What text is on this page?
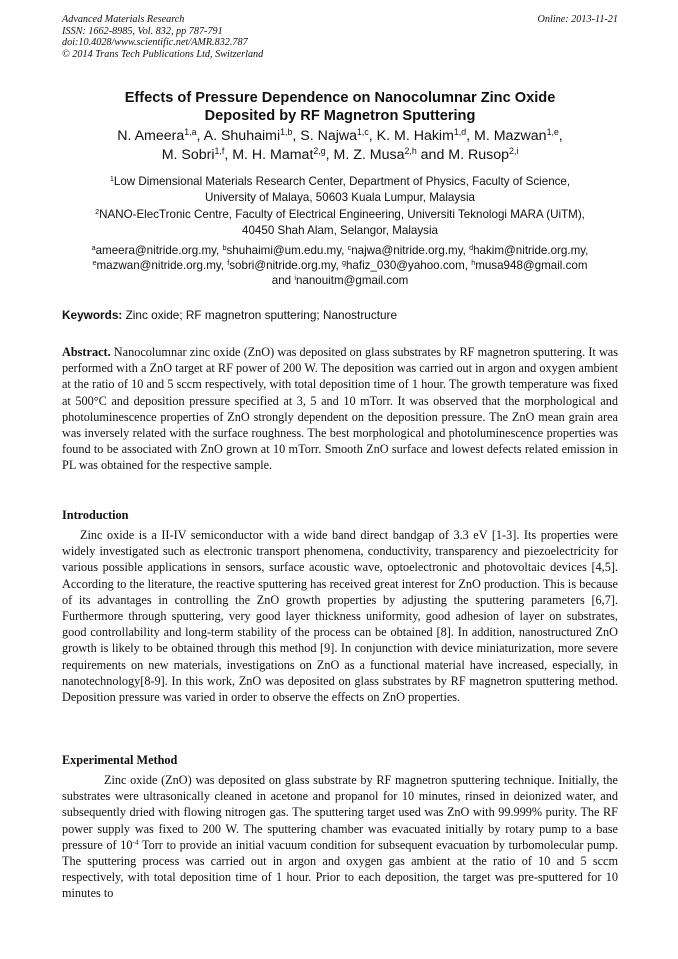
Advanced Materials Research
ISSN: 1662-8985, Vol. 832, pp 787-791
doi:10.4028/www.scientific.net/AMR.832.787
© 2014 Trans Tech Publications Ltd, Switzerland
Online: 2013-11-21
Effects of Pressure Dependence on Nanocolumnar Zinc Oxide
Deposited by RF Magnetron Sputtering
N. Ameera$^{1,a}$, A. Shuhaimi$^{1,b}$, S. Najwa$^{1,c}$, K. M. Hakim$^{1,d}$, M. Mazwan$^{1,e}$,
M. Sobri$^{1,f}$, M. H. Mamat$^{2,g}$, M. Z. Musa$^{2,h}$ and M. Rusop$^{2,i}$
$^1$Low Dimensional Materials Research Center, Department of Physics, Faculty of Science,
University of Malaya, 50603 Kuala Lumpur, Malaysia
$^2$NANO-ElecTronic Centre, Faculty of Electrical Engineering, Universiti Teknologi MARA (UiTM),
40450 Shah Alam, Selangor, Malaysia
$^a$ameera@nitride.org.my, $^b$shuhaimi@um.edu.my, $^c$najwa@nitride.org.my, $^d$hakim@nitride.org.my,
$^e$mazwan@nitride.org.my, $^f$sobri@nitride.org.my, $^g$hafiz_030@yahoo.com, $^h$musa948@gmail.com
and $^i$nanouitm@gmail.com
Keywords: Zinc oxide; RF magnetron sputtering; Nanostructure

Abstract. Nanocolumnar zinc oxide (ZnO) was deposited on glass substrates by RF magnetron sputtering. It was performed with a ZnO target at RF power of 200 W. The deposition was carried out in argon and oxygen ambient at the ratio of 10 and 5 sccm respectively, with total deposition time of 1 hour. The growth temperature was fixed at 500°C and deposition pressure specified at 3, 5 and 10 mTorr. It was observed that the morphological and photoluminescence properties of ZnO strongly dependent on the deposition pressure. The ZnO mean grain area was inversely related with the surface roughness. The best morphological and photoluminescence properties was found to be associated with ZnO grown at 10 mTorr. Smooth ZnO surface and lowest defects related emission in PL was obtained for the respective sample.

Introduction

Zinc oxide is a II-IV semiconductor with a wide band direct bandgap of 3.3 eV [1-3]. Its properties were widely investigated such as electronic transport phenomena, conductivity, transparency and piezoelectricity for various possible applications in sensors, surface acoustic wave, optoelectronic and photovoltaic devices [4,5]. According to the literature, the reactive sputtering has received great interest for ZnO production. This is because of its advantages in controlling the ZnO growth properties by adjusting the sputtering parameters [6,7]. Furthermore through sputtering, very good layer thickness uniformity, good adhesion of layer on substrates, good controllability and long-term stability of the process can be obtained [8]. In addition, nanostructured ZnO growth is likely to be obtained through this method [9]. In conjunction with device miniaturization, more severe requirements on new materials, investigations on ZnO as a functional material have increased, especially, in nanotechnology[8-9]. In this work, ZnO was deposited on glass substrates by RF magnetron sputtering method. Deposition pressure was varied in order to observe the effects on ZnO properties.

Experimental Method

Zinc oxide (ZnO) was deposited on glass substrate by RF magnetron sputtering technique. Initially, the substrates were ultrasonically cleaned in acetone and propanol for 10 minutes, rinsed in deionized water, and subsequently dried with flowing nitrogen gas. The sputtering target used was ZnO with 99.999% purity. The RF power supply was fixed to 200 W. The sputtering chamber was evacuated initially by rotary pump to a base pressure of $10^{-4}$ Torr to provide an initial vacuum condition for subsequent evacuation by turbomolecular pump. The sputtering process was carried out in argon and oxygen gas ambient at the ratio of 10 and 5 sccm respectively, with total deposition time of 1 hour. Prior to each deposition, the target was pre-sputtered for 10 minutes to
